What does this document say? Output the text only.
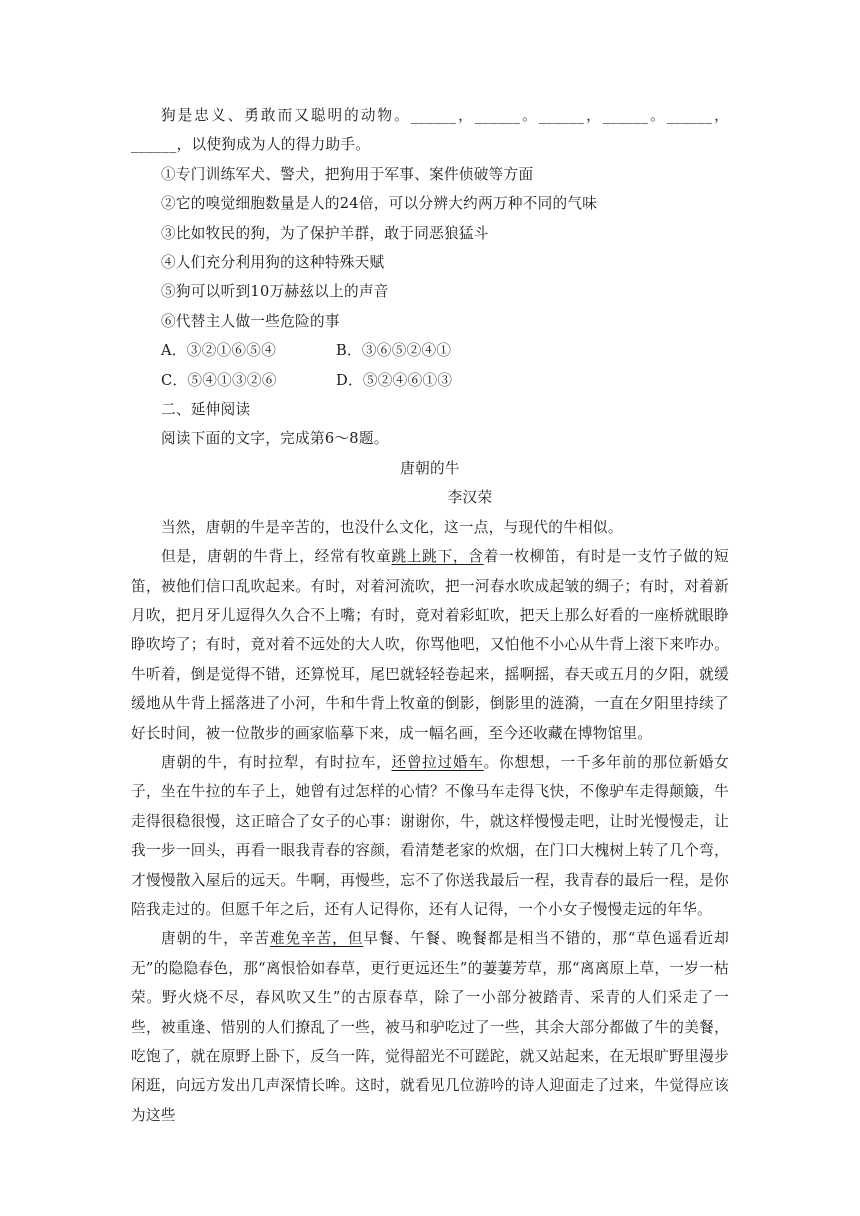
狗是忠义、勇敢而又聪明的动物。______，______。______，______。______，______，以使狗成为人的得力助手。

①专门训练军犬、警犬，把狗用于军事、案件侦破等方面

②它的嗅觉细胞数量是人的24倍，可以分辨大约两万种不同的气味

③比如牧民的狗，为了保护羊群，敢于同恶狼猛斗

④人们充分利用狗的这种特殊天赋

⑤狗可以听到10万赫兹以上的声音

⑥代替主人做一些危险的事

A．③②①⑥⑤④	B．③⑥⑤②④①

C．⑤④①③②⑥	D．⑤②④⑥①③

二、延伸阅读

阅读下面的文字，完成第6～8题。

唐朝的牛

李汉荣

当然，唐朝的牛是辛苦的，也没什么文化，这一点，与现代的牛相似。

但是，唐朝的牛背上，经常有牧童跳上跳下，含着一枚柳笛，有时是一支竹子做的短笛，被他们信口乱吹起来。有时，对着河流吹，把一河春水吹成起皱的绸子；有时，对着新月吹，把月牙儿逗得久久合不上嘴；有时，竟对着彩虹吹，把天上那么好看的一座桥就眼睁睁吹垮了；有时，竟对着不远处的大人吹，你骂他吧，又怕他不小心从牛背上滚下来咋办。牛听着，倒是觉得不错，还算悦耳，尾巴就轻轻卷起来，摇啊摇，春天或五月的夕阳，就缓缓地从牛背上摇落进了小河，牛和牛背上牧童的倒影，倒影里的涟漪，一直在夕阳里持续了好长时间，被一位散步的画家临摹下来，成一幅名画，至今还收藏在博物馆里。

唐朝的牛，有时拉犁，有时拉车，还曾拉过婚车。你想想，一千多年前的那位新婚女子，坐在牛拉的车子上，她曾有过怎样的心情？不像马车走得飞快，不像驴车走得颠簸，牛走得很稳很慢，这正暗合了女子的心事：谢谢你，牛，就这样慢慢走吧，让时光慢慢走，让我一步一回头，再看一眼我青春的容颜，看清楚老家的炊烟，在门口大槐树上转了几个弯，才慢慢散入屋后的远天。牛啊，再慢些，忘不了你送我最后一程，我青春的最后一程，是你陪我走过的。但愿千年之后，还有人记得你，还有人记得，一个小女子慢慢走远的年华。

唐朝的牛，辛苦难免辛苦，但早餐、午餐、晚餐都是相当不错的，那“草色遥看近却无”的隐隐春色，那“离恨恰如春草，更行更远还生”的萋萋芳草，那“离离原上草，一岁一枯荣。野火烧不尽，春风吹又生”的古原春草，除了一小部分被踏青、采青的人们采走了一些，被重逢、惜别的人们撩乱了一些，被马和驴吃过了一些，其余大部分都做了牛的美餐，吃饱了，就在原野上卧下，反刍一阵，觉得韶光不可蹉跎，就又站起来，在无垠旷野里漫步闲逛，向远方发出几声深情长哞。这时，就看见几位游吟的诗人迎面走了过来，牛觉得应该为这些
